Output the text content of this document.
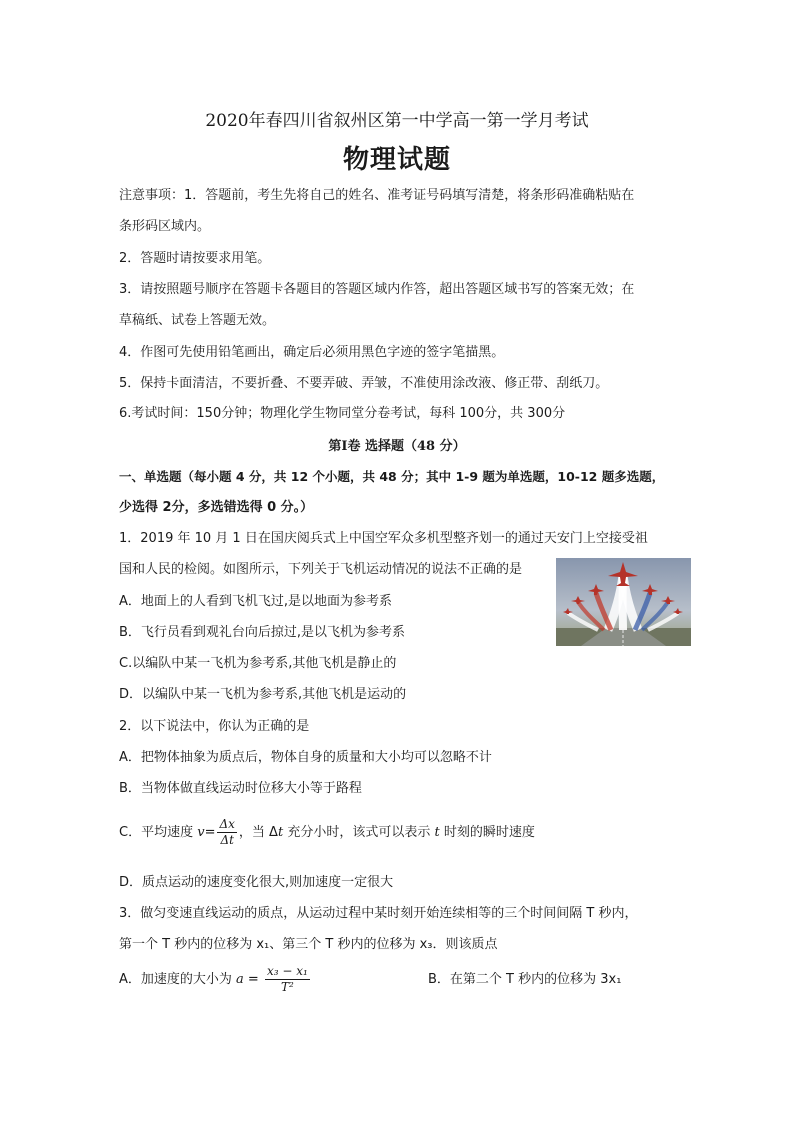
2020年春四川省叙州区第一中学高一第一学月考试
物理试题
注意事项：1．答题前，考生先将自己的姓名、准考证号码填写清楚，将条形码准确粘贴在
条形码区域内。
2．答题时请按要求用笔。
3．请按照题号顺序在答题卡各题目的答题区域内作答，超出答题区域书写的答案无效；在
草稿纸、试卷上答题无效。
4．作图可先使用铅笔画出，确定后必须用黑色字迹的签字笔描黑。
5．保持卡面清洁，不要折叠、不要弄破、弄皱，不准使用涂改液、修正带、刮纸刀。
6.考试时间：150分钟；物理化学生物同堂分卷考试，每科 100分，共 300分
第Ⅰ卷 选择题（48 分）
一、单选题（每小题 4 分，共 12 个小题，共 48 分；其中 1-9 题为单选题，10-12 题多选题，
少选得 2分，多选错选得 0 分。）
1．2019 年 10 月 1 日在国庆阅兵式上中国空军众多机型整齐划一的通过天安门上空接受祖
国和人民的检阅。如图所示，下列关于飞机运动情况的说法不正确的是
A．地面上的人看到飞机飞过,是以地面为参考系
B．飞行员看到观礼台向后掠过,是以飞机为参考系
C.以编队中某一飞机为参考系,其他飞机是静止的
D．以编队中某一飞机为参考系,其他飞机是运动的
2．以下说法中，你认为正确的是
A．把物体抽象为质点后，物体自身的质量和大小均可以忽略不计
B．当物体做直线运动时位移大小等于路程
C．平均速度 $v= \frac{\Delta x}{\Delta t}$ ，当 Δt 充分小时，该式可以表示 t 时刻的瞬时速度
D．质点运动的速度变化很大,则加速度一定很大
3．做匀变速直线运动的质点，从运动过程中某时刻开始连续相等的三个时间间隔 T 秒内，
第一个 T 秒内的位移为 x₁、第三个 T 秒内的位移为 x₃．则该质点
A．加速度的大小为 $a = \frac{\text{x₃ − x₁}}{\text{T²}}$	B．在第二个 T 秒内的位移为 3x₁
